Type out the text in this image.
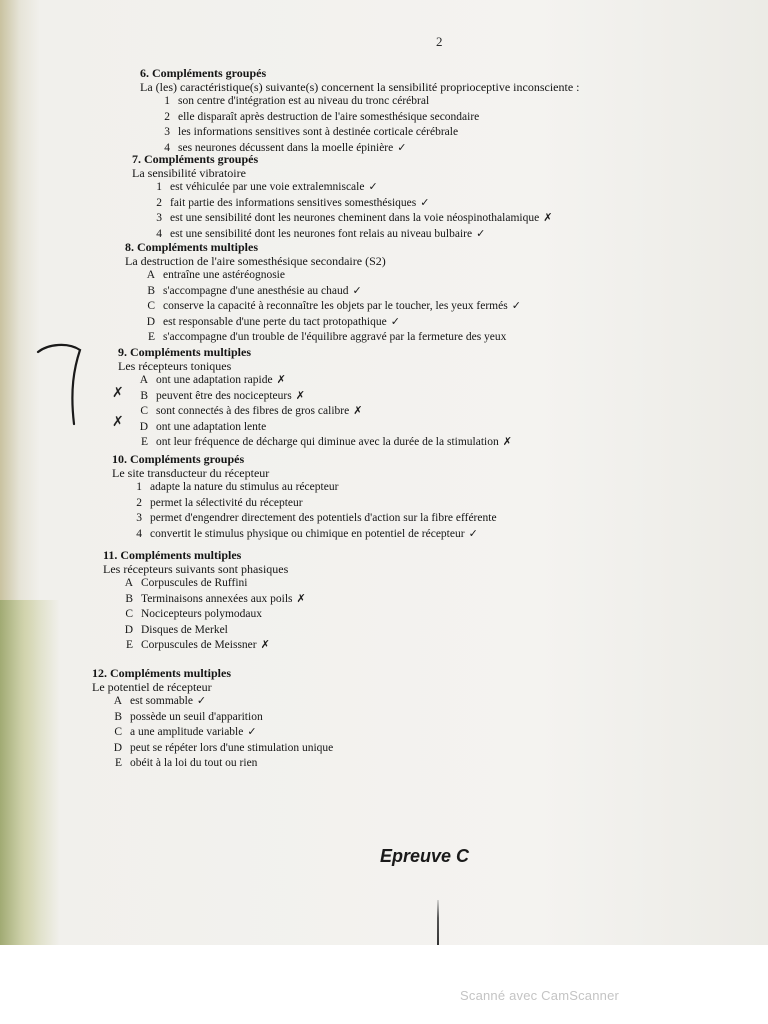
2

6. Compléments groupés

La (les) caractéristique(s) suivante(s) concernent la sensibilité proprioceptive inconsciente :

1 son centre d'intégration est au niveau du tronc cérébral
2 elle disparaît après destruction de l'aire somesthésique secondaire
3 les informations sensitives sont à destinée corticale cérébrale
4 ses neurones décussent dans la moelle épinière ✓

7. Compléments groupés

La sensibilité vibratoire

1 est véhiculée par une voie extralemniscale ✓
2 fait partie des informations sensitives somesthésiques ✓
3 est une sensibilité dont les neurones cheminent dans la voie néospinothalamique ✗
4 est une sensibilité dont les neurones font relais au niveau bulbaire ✓

8. Compléments multiples

La destruction de l'aire somesthésique secondaire (S2)

A entraîne une astéréognosie
B s'accompagne d'une anesthésie au chaud ✓
C conserve la capacité à reconnaître les objets par le toucher, les yeux fermés ✓
D est responsable d'une perte du tact protopathique ✓
E s'accompagne d'un trouble de l'équilibre aggravé par la fermeture des yeux

9. Compléments multiples

Les récepteurs toniques

A ont une adaptation rapide ✗
B peuvent être des nocicepteurs ✗
C sont connectés à des fibres de gros calibre ✗
D ont une adaptation lente
E ont leur fréquence de décharge qui diminue avec la durée de la stimulation ✗
✗
✗

10. Compléments groupés

Le site transducteur du récepteur

1 adapte la nature du stimulus au récepteur
2 permet la sélectivité du récepteur
3 permet d'engendrer directement des potentiels d'action sur la fibre efférente
4 convertit le stimulus physique ou chimique en potentiel de récepteur ✓

11. Compléments multiples

Les récepteurs suivants sont phasiques

A Corpuscules de Ruffini
B Terminaisons annexées aux poils ✗
C Nocicepteurs polymodaux
D Disques de Merkel
E Corpuscules de Meissner ✗

12. Compléments multiples

Le potentiel de récepteur

A est sommable ✓
B possède un seuil d'apparition
C a une amplitude variable ✓
D peut se répéter lors d'une stimulation unique
E obéit à la loi du tout ou rien
Epreuve C
Scanné avec CamScanner
